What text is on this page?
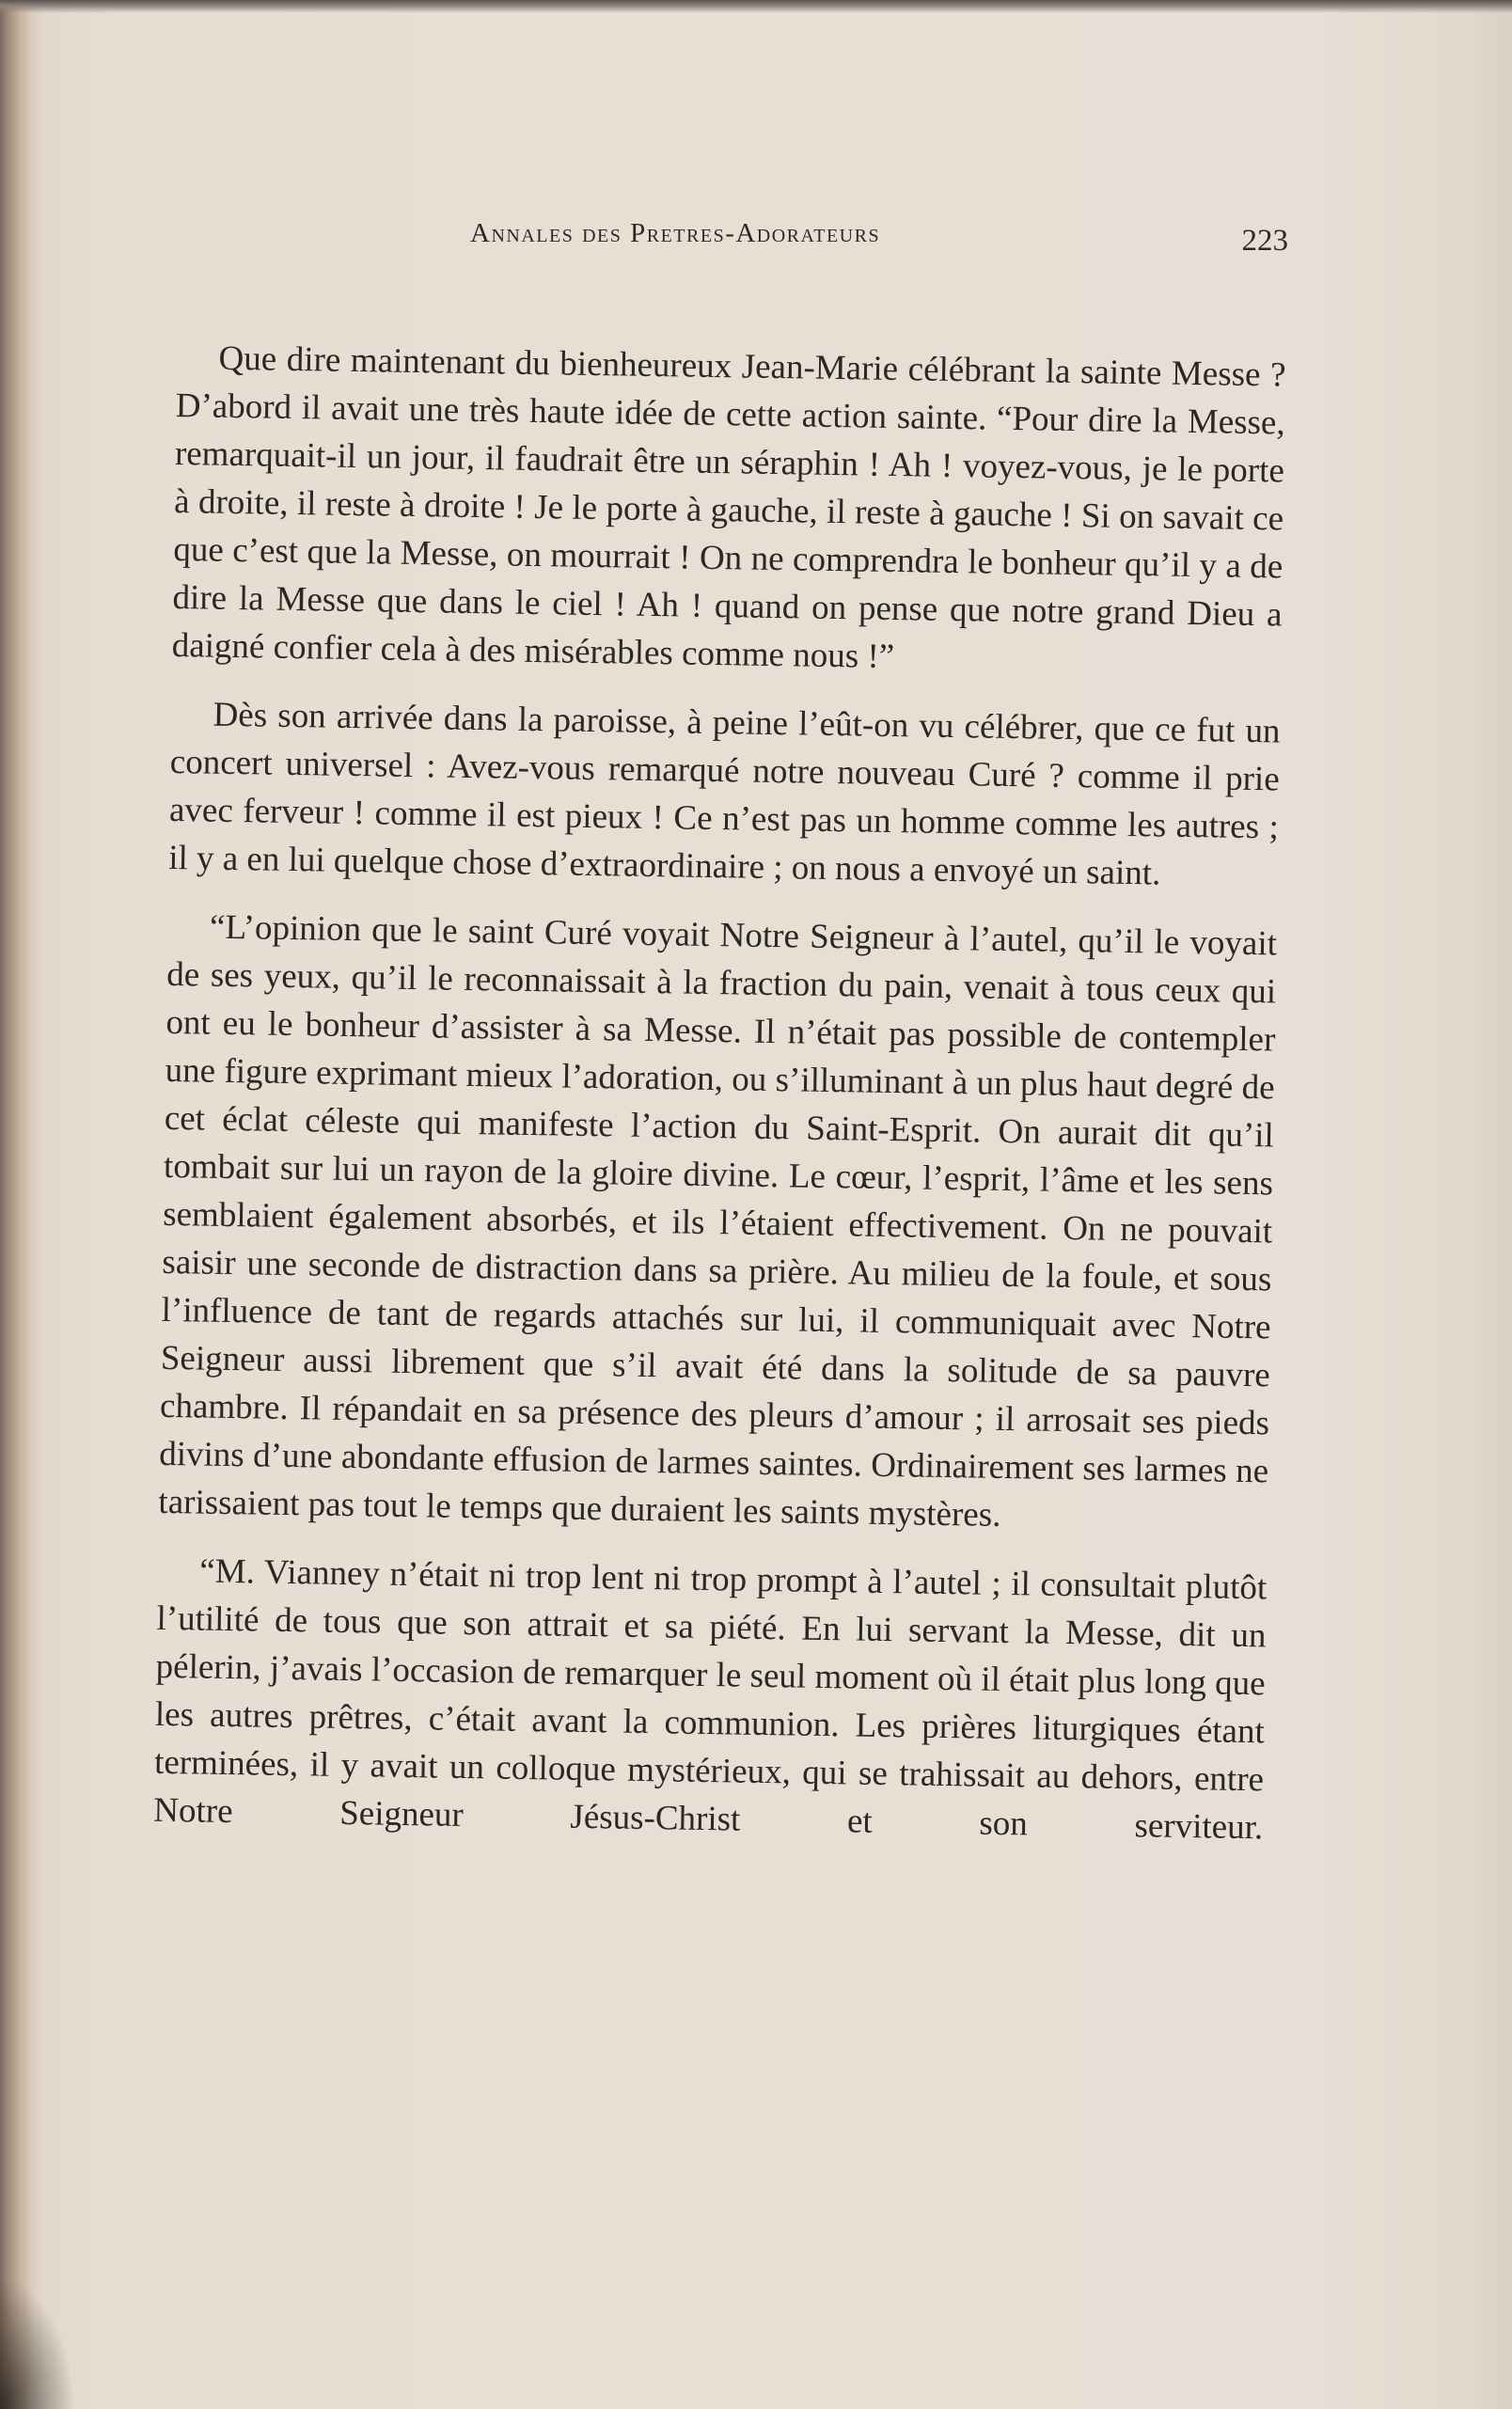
Annales des Pretres-Adorateurs	223

Que dire maintenant du bienheureux Jean-Marie célébrant la sainte Messe ? D’abord il avait une très haute idée de cette action sainte. “Pour dire la Messe, remarquait-il un jour, il faudrait être un séraphin ! Ah ! voyez-vous, je le porte à droite, il reste à droite ! Je le porte à gauche, il reste à gauche ! Si on savait ce que c’est que la Messe, on mourrait ! On ne comprendra le bonheur qu’il y a de dire la Messe que dans le ciel ! Ah ! quand on pense que notre grand Dieu a daigné confier cela à des misérables comme nous !”

Dès son arrivée dans la paroisse, à peine l’eût-on vu célébrer, que ce fut un concert universel : Avez-vous remarqué notre nouveau Curé ? comme il prie avec ferveur ! comme il est pieux ! Ce n’est pas un homme comme les autres ; il y a en lui quelque chose d’extraordinaire ; on nous a envoyé un saint.

“L’opinion que le saint Curé voyait Notre Seigneur à l’autel, qu’il le voyait de ses yeux, qu’il le reconnaissait à la fraction du pain, venait à tous ceux qui ont eu le bonheur d’assister à sa Messe. Il n’était pas possible de contempler une figure exprimant mieux l’adoration, ou s’illuminant à un plus haut degré de cet éclat céleste qui manifeste l’action du Saint-Esprit. On aurait dit qu’il tombait sur lui un rayon de la gloire divine. Le cœur, l’esprit, l’âme et les sens semblaient également absorbés, et ils l’étaient effectivement. On ne pouvait saisir une seconde de distraction dans sa prière. Au milieu de la foule, et sous l’influence de tant de regards attachés sur lui, il communiquait avec Notre Seigneur aussi librement que s’il avait été dans la solitude de sa pauvre chambre. Il répandait en sa présence des pleurs d’amour ; il arrosait ses pieds divins d’une abondante effusion de larmes saintes. Ordinairement ses larmes ne tarissaient pas tout le temps que duraient les saints mystères.

“M. Vianney n’était ni trop lent ni trop prompt à l’autel ; il consultait plutôt l’utilité de tous que son attrait et sa piété. En lui servant la Messe, dit un pélerin, j’avais l’occasion de remarquer le seul moment où il était plus long que les autres prêtres, c’était avant la communion. Les prières liturgiques étant terminées, il y avait un colloque mystérieux, qui se trahissait au dehors, entre Notre Seigneur Jésus-Christ et son serviteur.
